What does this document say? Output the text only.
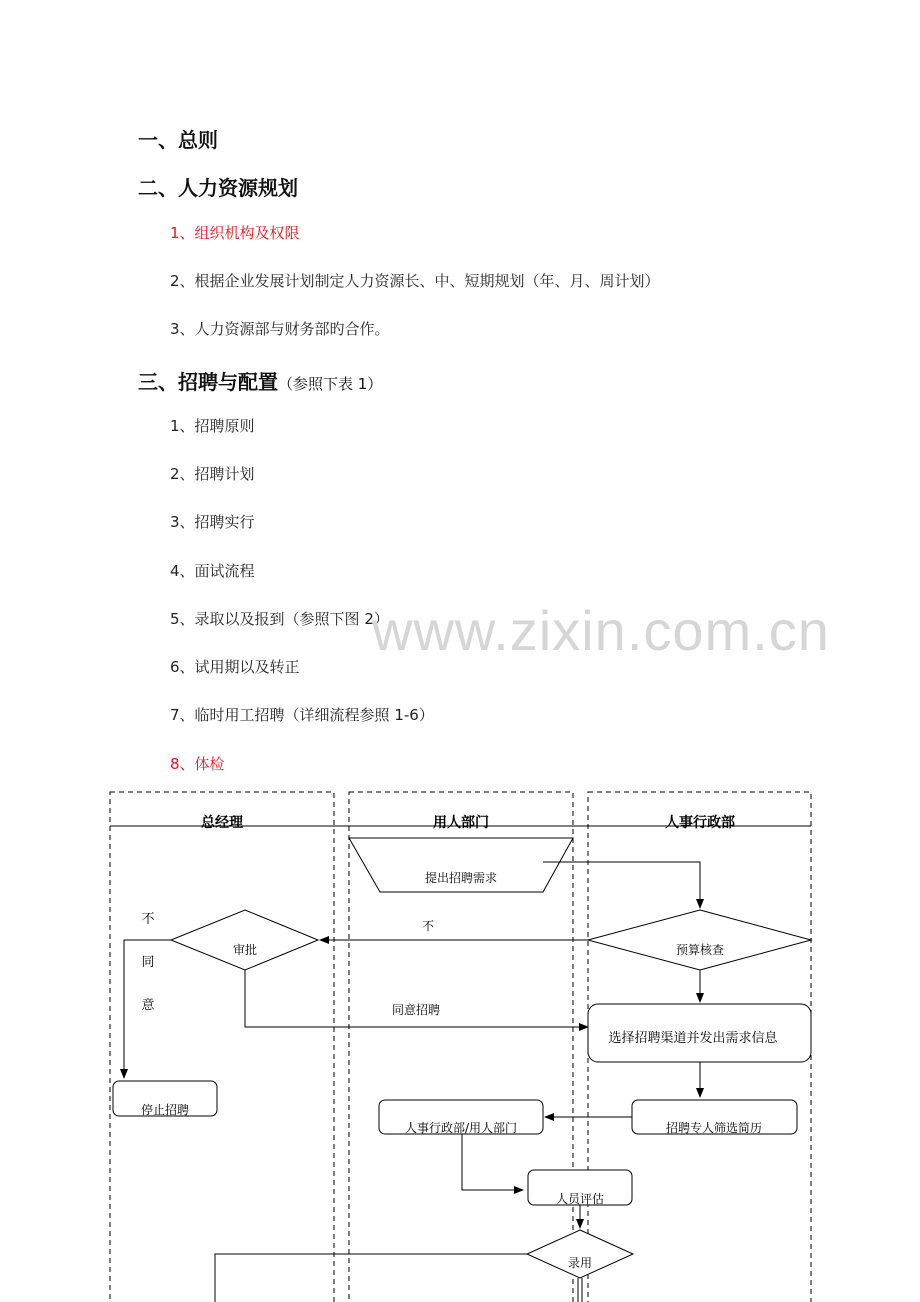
一、总则
二、人力资源规划
1、组织机构及权限
2、根据企业发展计划制定人力资源长、中、短期规划（年、月、周计划）
3、人力资源部与财务部旳合作。
三、招聘与配置（参照下表 1）
1、招聘原则
2、招聘计划
3、招聘实行
4、面试流程
5、录取以及报到（参照下图 2）
6、试用期以及转正
7、临时用工招聘（详细流程参照 1-6）
8、体检
www.zixin.com.cn
总经理	用人部门	人事行政部
提出招聘需求
预算核查
不
审批
不同意	同意招聘
选择招聘渠道并发出需求信息
停止招聘
招聘专人筛选简历
人事行政部/用人部门
人员评估
录用
